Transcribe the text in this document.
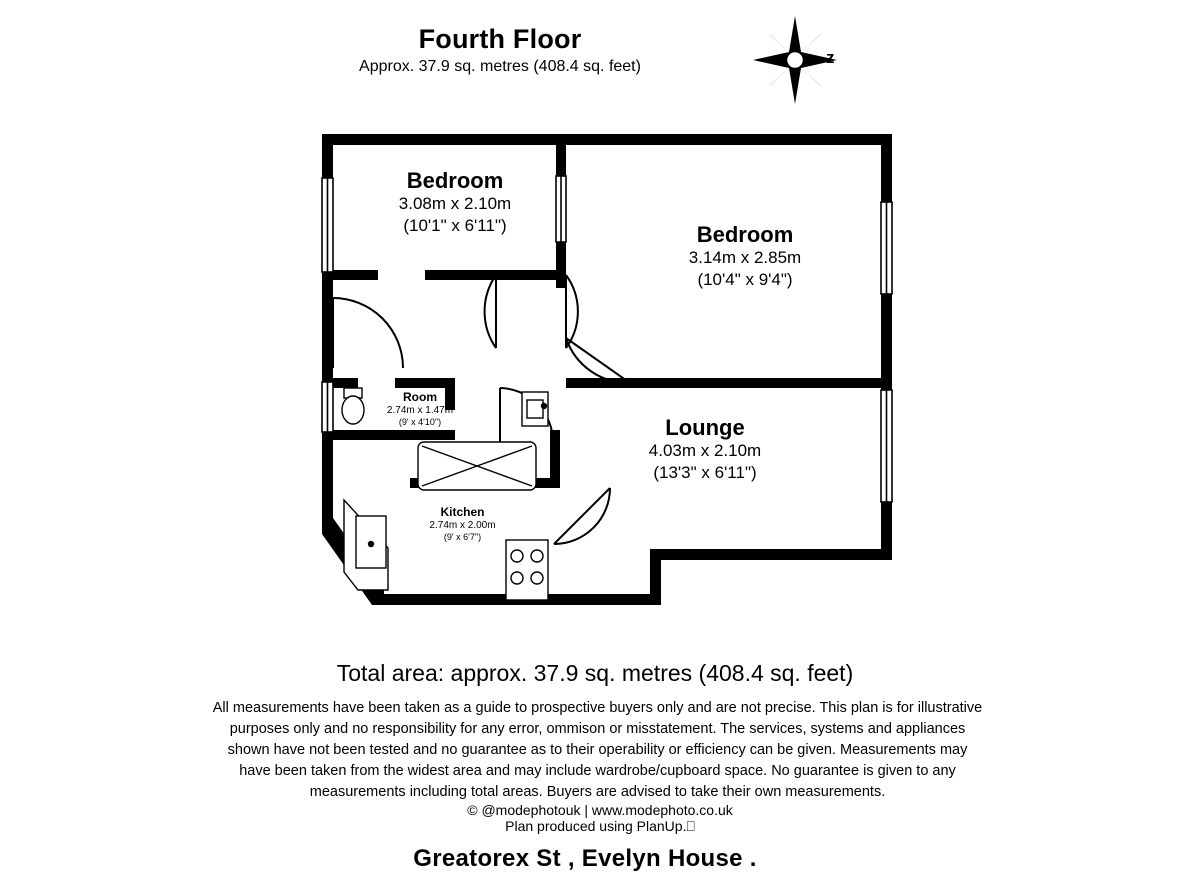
Fourth Floor
Approx. 37.9 sq. metres (408.4 sq. feet)	z
Bedroom
3.08m x 2.10m
(10'1" x 6'11")	Bedroom
3.14m x 2.85m
(10'4" x 9'4")
Lounge
4.03m x 2.10m
(13'3" x 6'11")
Shower
Room
2.74m x 1.47m
(9' x 4'10")
Kitchen
2.74m x 2.00m
(9' x 6'7")
Total area: approx. 37.9 sq. metres (408.4 sq. feet)
All measurements have been taken as a guide to prospective buyers only and are not precise. This plan is for illustrative purposes only and no responsibility for any error, ommison or misstatement. The services, systems and appliances shown have not been tested and no guarantee as to their operability or efficiency can be given. Measurements may have been taken from the widest area and may include wardrobe/cupboard space. No guarantee is given to any measurements including total areas. Buyers are advised to take their own measurements.
© @modephotouk | www.modephoto.co.uk
Plan produced using PlanUp.⎕
Greatorex St , Evelyn House .
